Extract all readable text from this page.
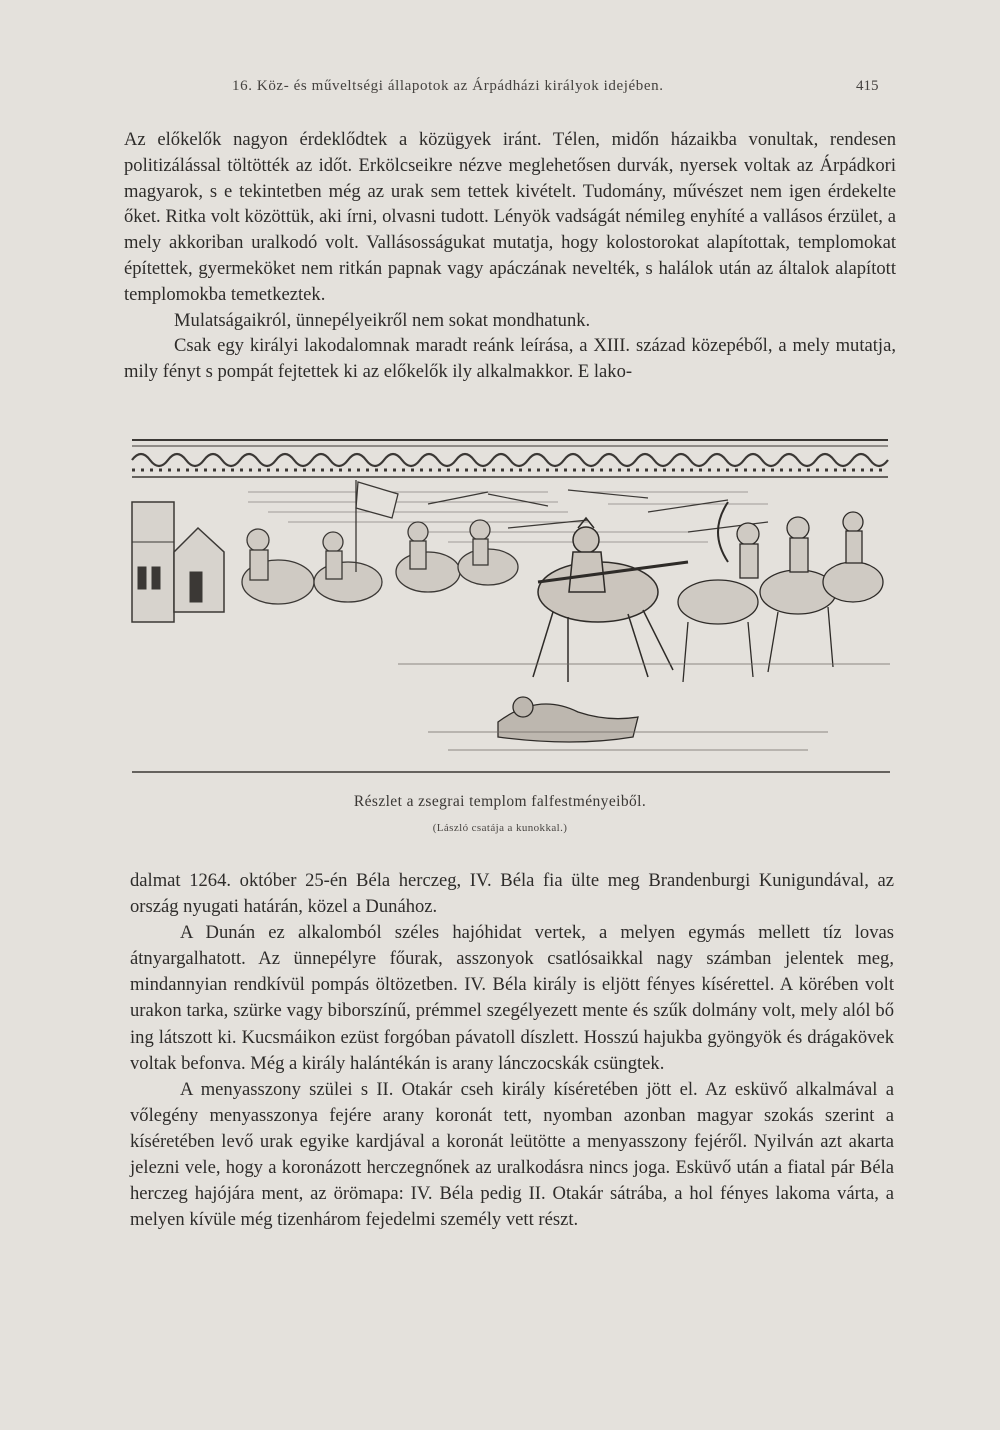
16. Köz- és műveltségi állapotok az Árpádházi királyok idejében.	415

Az előkelők nagyon érdeklődtek a közügyek iránt. Télen, midőn házaikba vonultak, rendesen politizálással töltötték az időt. Erkölcseikre nézve meglehetősen durvák, nyersek voltak az Árpádkori magyarok, s e tekintetben még az urak sem tettek kivételt. Tudomány, művészet nem igen érdekelte őket. Ritka volt közöttük, aki írni, olvasni tudott. Lényök vadságát némileg enyhíté a vallásos érzület, a mely akkoriban uralkodó volt. Vallásosságukat mutatja, hogy kolostorokat alapítottak, templomokat építettek, gyermeköket nem ritkán papnak vagy apáczának nevelték, s halálok után az általok alapított templomokba temetkeztek.

Mulatságaikról, ünnepélyeikről nem sokat mondhatunk.

Csak egy királyi lakodalomnak maradt reánk leírása, a XIII. század közepéből, a mely mutatja, mily fényt s pompát fejtettek ki az előkelők ily alkalmakkor. E lako-

Részlet a zsegrai templom falfestményeiből.
(László csatája a kunokkal.)

dalmat 1264. október 25-én Béla herczeg, IV. Béla fia ülte meg Brandenburgi Kunigundával, az ország nyugati határán, közel a Dunához.

A Dunán ez alkalomból széles hajóhidat vertek, a melyen egymás mellett tíz lovas átnyargalhatott. Az ünnepélyre főurak, asszonyok csatlósaikkal nagy számban jelentek meg, mindannyian rendkívül pompás öltözetben. IV. Béla király is eljött fényes kísérettel. A körében volt urakon tarka, szürke vagy biborszínű, prémmel szegélyezett mente és szűk dolmány volt, mely alól bő ing látszott ki. Kucsmáikon ezüst forgóban pávatoll díszlett. Hosszú hajukba gyöngyök és drágakövek voltak befonva. Még a király halántékán is arany lánczocskák csüngtek.

A menyasszony szülei s II. Otakár cseh király kíséretében jött el. Az esküvő alkalmával a vőlegény menyasszonya fejére arany koronát tett, nyomban azonban magyar szokás szerint a kíséretében levő urak egyike kardjával a koronát leütötte a menyasszony fejéről. Nyilván azt akarta jelezni vele, hogy a koronázott herczegnőnek az uralkodásra nincs joga. Esküvő után a fiatal pár Béla herczeg hajójára ment, az örömapa: IV. Béla pedig II. Otakár sátrába, a hol fényes lakoma várta, a melyen kívüle még tizenhárom fejedelmi személy vett részt.
